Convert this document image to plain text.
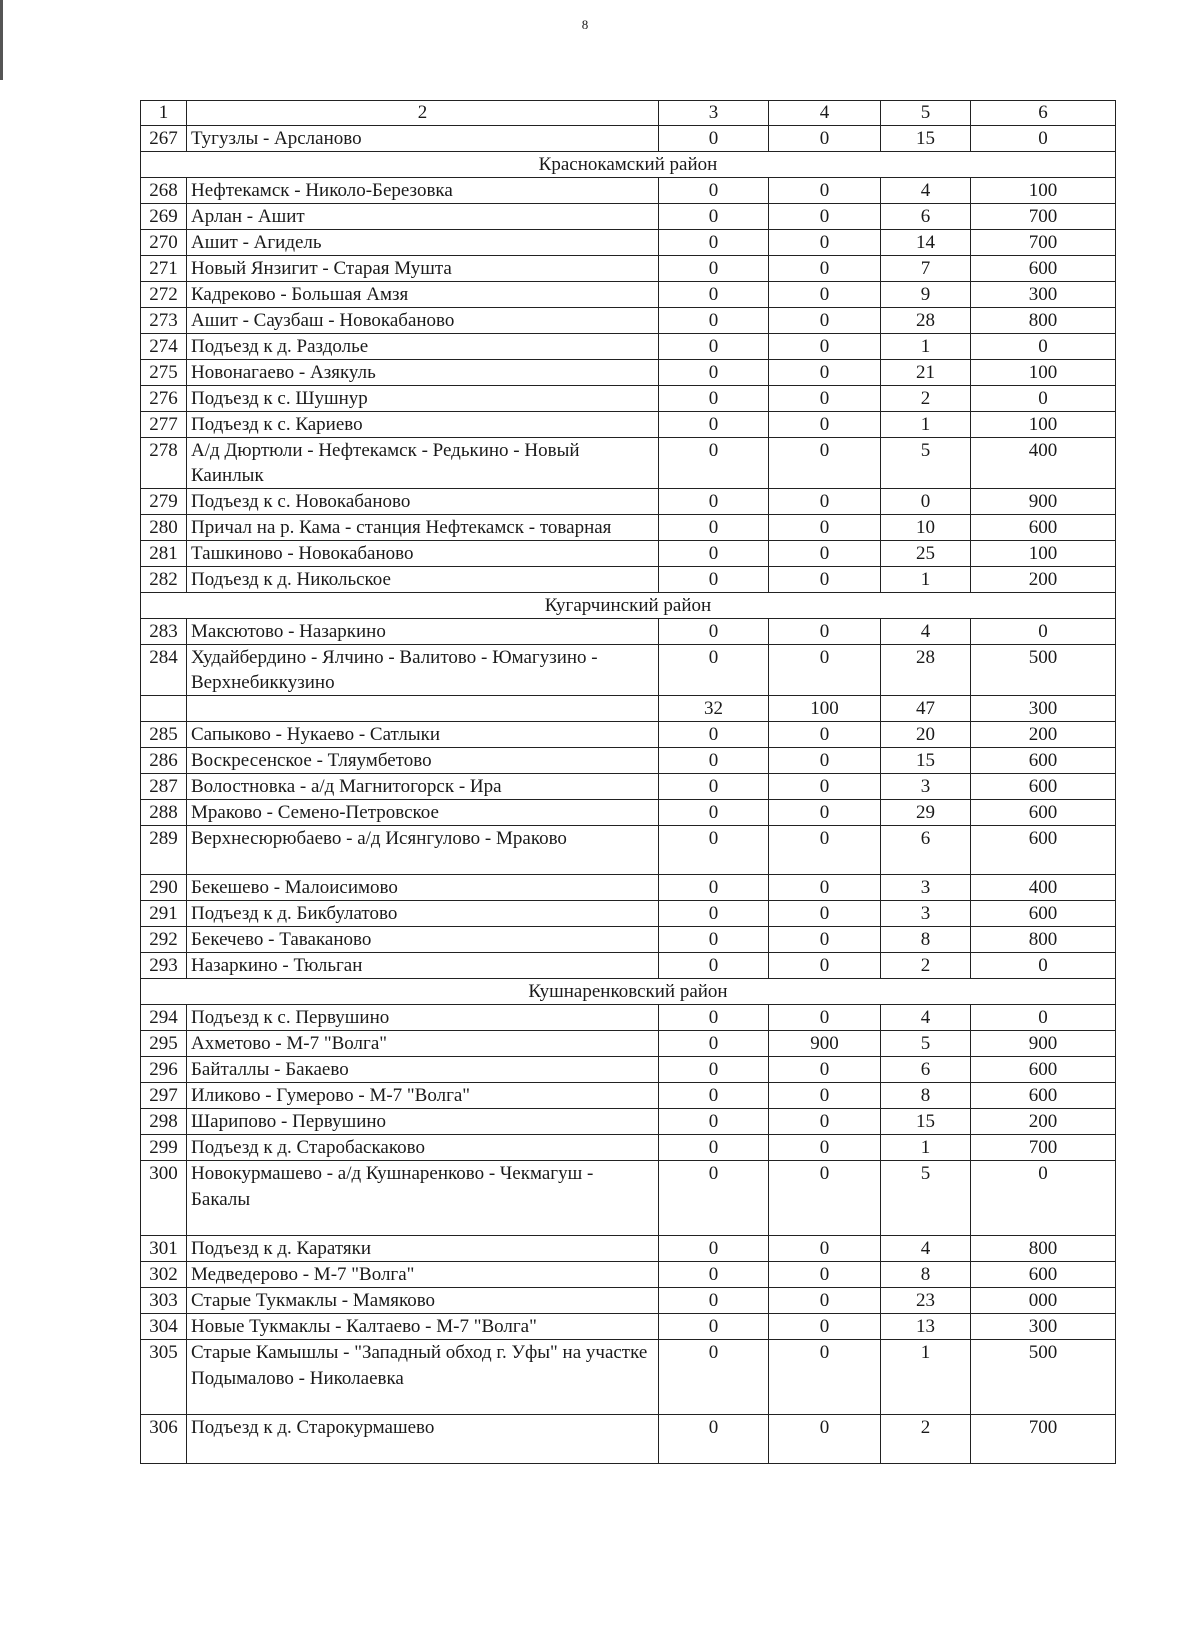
8
1	2	3	4	5	6
267	Тугузлы - Арсланово	0	0	15	0
Краснокамский район					
268	Нефтекамск - Николо-Березовка	0	0	4	100
269	Арлан - Ашит	0	0	6	700
270	Ашит - Агидель	0	0	14	700
271	Новый Янзигит - Старая Мушта	0	0	7	600
272	Кадреково - Большая Амзя	0	0	9	300
273	Ашит - Саузбаш - Новокабаново	0	0	28	800
274	Подъезд к д. Раздолье	0	0	1	0
275	Новонагаево - Азякуль	0	0	21	100
276	Подъезд к с. Шушнур	0	0	2	0
277	Подъезд к с. Кариево	0	0	1	100
278	А/д Дюртюли - Нефтекамск - Редькино - Новый Каинлык	0	0	5	400
279	Подъезд к с. Новокабаново	0	0	0	900
280	Причал на р. Кама - станция Нефтекамск - товарная	0	0	10	600
281	Ташкиново - Новокабаново	0	0	25	100
282	Подъезд к д. Никольское	0	0	1	200
Кугарчинский район					
283	Максютово - Назаркино	0	0	4	0
284	Худайбердино - Ялчино - Валитово - Юмагузино - Верхнебиккузино	0	0	28	500
		32	100	47	300
285	Сапыково - Нукаево - Сатлыки	0	0	20	200
286	Воскресенское - Тляумбетово	0	0	15	600
287	Волостновка - а/д Магнитогорск - Ира	0	0	3	600
288	Мраково - Семено-Петровское	0	0	29	600
289	Верхнесюрюбаево - а/д Исянгулово - Мраково	0	0	6	600
290	Бекешево - Малоисимово	0	0	3	400
291	Подъезд к д. Бикбулатово	0	0	3	600
292	Бекечево - Таваканово	0	0	8	800
293	Назаркино - Тюльган	0	0	2	0
Кушнаренковский район					
294	Подъезд к с. Первушино	0	0	4	0
295	Ахметово - М-7 "Волга"	0	900	5	900
296	Байталлы - Бакаево	0	0	6	600
297	Иликово - Гумерово - М-7 "Волга"	0	0	8	600
298	Шарипово - Первушино	0	0	15	200
299	Подъезд к д. Старобаскаково	0	0	1	700
300	Новокурмашево - а/д Кушнаренково - Чекмагуш - Бакалы	0	0	5	0
301	Подъезд к д. Каратяки	0	0	4	800
302	Медведерово - М-7 "Волга"	0	0	8	600
303	Старые Тукмаклы - Мамяково	0	0	23	000
304	Новые Тукмаклы - Калтаево - М-7 "Волга"	0	0	13	300
305	Старые Камышлы - "Западный обход г. Уфы" на участке Подымалово - Николаевка	0	0	1	500
306	Подъезд к д. Старокурмашево	0	0	2	700
